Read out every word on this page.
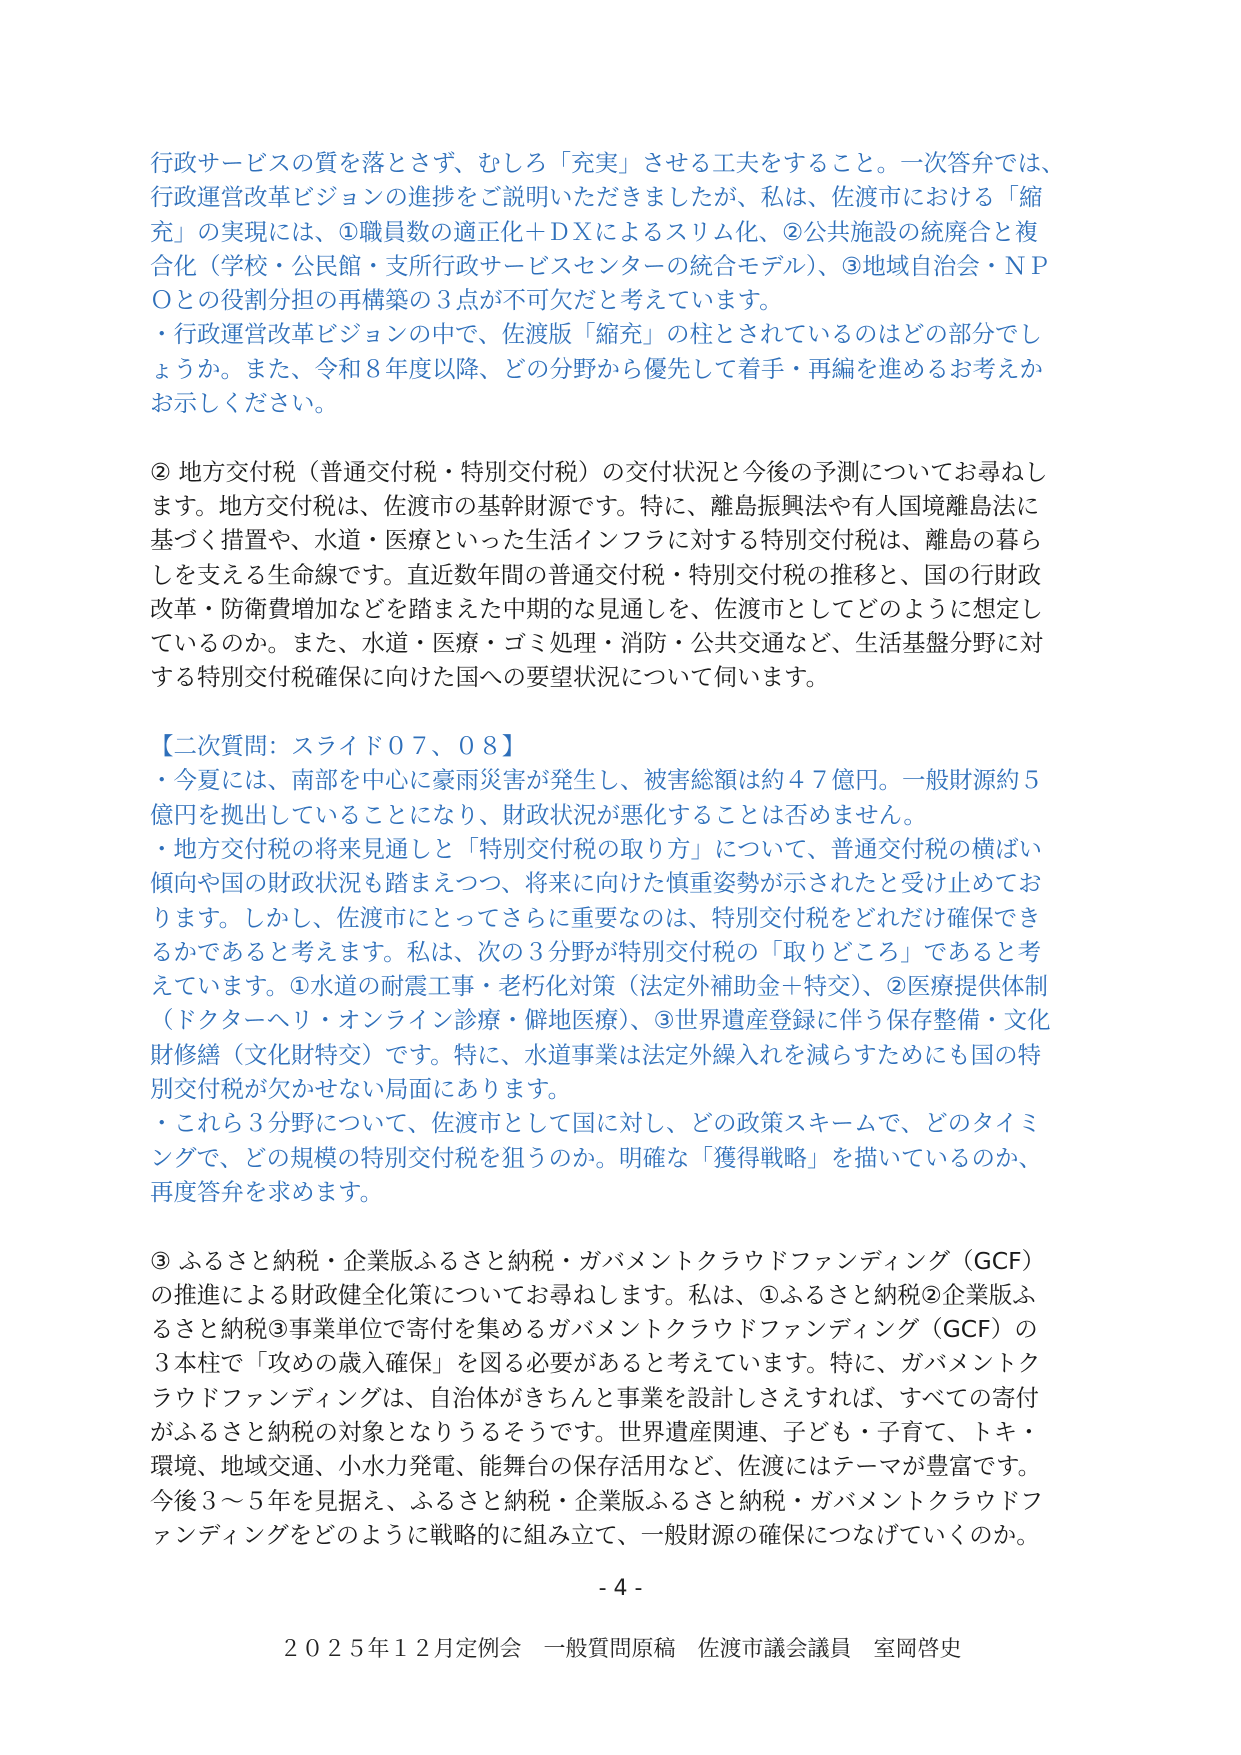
行政サービスの質を落とさず、むしろ「充実」させる工夫をすること。一次答弁では、
行政運営改革ビジョンの進捗をご説明いただきましたが、私は、佐渡市における「縮
充」の実現には、①職員数の適正化＋ＤＸによるスリム化、②公共施設の統廃合と複
合化（学校・公民館・支所行政サービスセンターの統合モデル）、③地域自治会・ＮＰ
Ｏとの役割分担の再構築の３点が不可欠だと考えています。
・行政運営改革ビジョンの中で、佐渡版「縮充」の柱とされているのはどの部分でし
ょうか。また、令和８年度以降、どの分野から優先して着手・再編を進めるお考えか
お示しください。
② 地方交付税（普通交付税・特別交付税）の交付状況と今後の予測についてお尋ねし
ます。地方交付税は、佐渡市の基幹財源です。特に、離島振興法や有人国境離島法に
基づく措置や、水道・医療といった生活インフラに対する特別交付税は、離島の暮ら
しを支える生命線です。直近数年間の普通交付税・特別交付税の推移と、国の行財政
改革・防衛費増加などを踏まえた中期的な見通しを、佐渡市としてどのように想定し
ているのか。また、水道・医療・ゴミ処理・消防・公共交通など、生活基盤分野に対
する特別交付税確保に向けた国への要望状況について伺います。
【二次質問：スライド０７、０８】
・今夏には、南部を中心に豪雨災害が発生し、被害総額は約４７億円。一般財源約５
億円を拠出していることになり、財政状況が悪化することは否めません。
・地方交付税の将来見通しと「特別交付税の取り方」について、普通交付税の横ばい
傾向や国の財政状況も踏まえつつ、将来に向けた慎重姿勢が示されたと受け止めてお
ります。しかし、佐渡市にとってさらに重要なのは、特別交付税をどれだけ確保でき
るかであると考えます。私は、次の３分野が特別交付税の「取りどころ」であると考
えています。①水道の耐震工事・老朽化対策（法定外補助金＋特交）、②医療提供体制
（ドクターヘリ・オンライン診療・僻地医療）、③世界遺産登録に伴う保存整備・文化
財修繕（文化財特交）です。特に、水道事業は法定外繰入れを減らすためにも国の特
別交付税が欠かせない局面にあります。
・これら３分野について、佐渡市として国に対し、どの政策スキームで、どのタイミ
ングで、どの規模の特別交付税を狙うのか。明確な「獲得戦略」を描いているのか、
再度答弁を求めます。
③ ふるさと納税・企業版ふるさと納税・ガバメントクラウドファンディング（GCF）
の推進による財政健全化策についてお尋ねします。私は、①ふるさと納税②企業版ふ
るさと納税③事業単位で寄付を集めるガバメントクラウドファンディング（GCF）の
３本柱で「攻めの歳入確保」を図る必要があると考えています。特に、ガバメントク
ラウドファンディングは、自治体がきちんと事業を設計しさえすれば、すべての寄付
がふるさと納税の対象となりうるそうです。世界遺産関連、子ども・子育て、トキ・
環境、地域交通、小水力発電、能舞台の保存活用など、佐渡にはテーマが豊富です。
今後３～５年を見据え、ふるさと納税・企業版ふるさと納税・ガバメントクラウドフ
ァンディングをどのように戦略的に組み立て、一般財源の確保につなげていくのか。
- 4 -
２０２５年１２月定例会　一般質問原稿　佐渡市議会議員　室岡啓史
